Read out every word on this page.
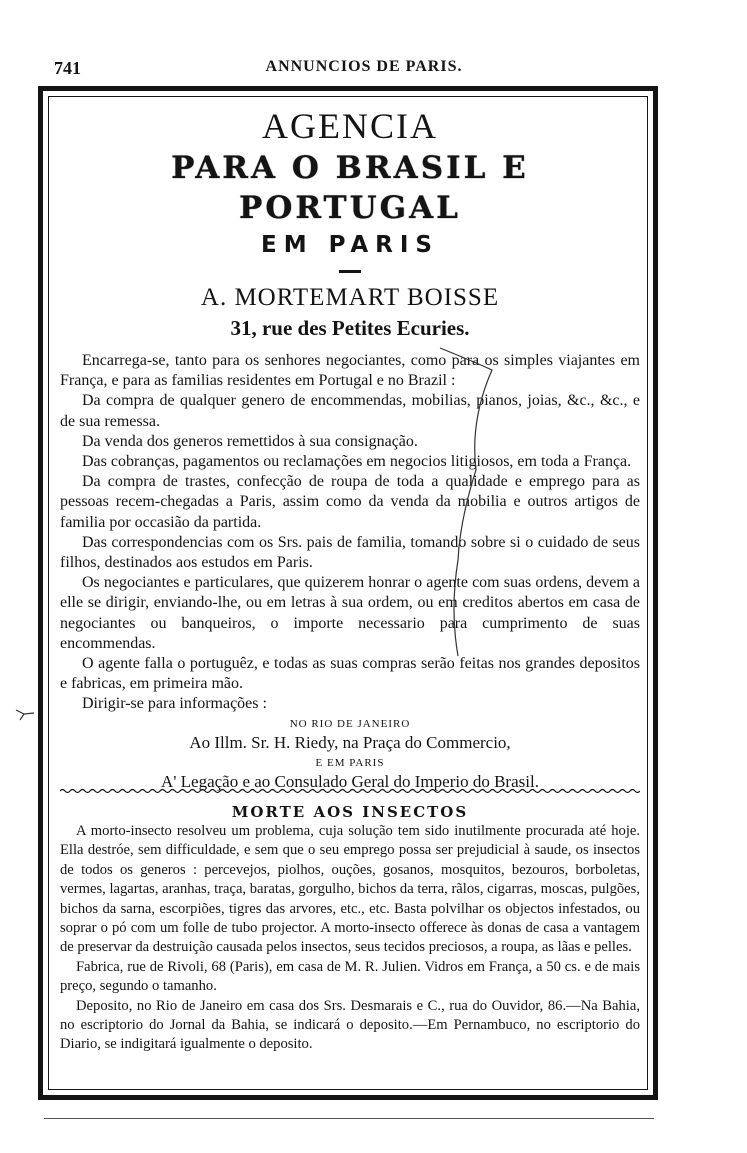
741	ANNUNCIOS DE PARIS.
AGENCIA
PARA O BRASIL E PORTUGAL
EM PARIS
A. MORTEMART BOISSE
31, rue des Petites Ecuries.

Encarrega-se, tanto para os senhores negociantes, como para os simples viajantes em França, e para as familias residentes em Portugal e no Brazil :

Da compra de qualquer genero de encommendas, mobilias, pianos, joias, &c., &c., e de sua remessa.

Da venda dos generos remettidos à sua consignação.

Das cobranças, pagamentos ou reclamações em negocios litigiosos, em toda a França.

Da compra de trastes, confecção de roupa de toda a qualidade e emprego para as pessoas recem-chegadas a Paris, assim como da venda da mobilia e outros artigos de familia por occasião da partida.

Das correspondencias com os Srs. pais de familia, tomando sobre si o cuidado de seus filhos, destinados aos estudos em Paris.

Os negociantes e particulares, que quizerem honrar o agente com suas ordens, devem a elle se dirigir, enviando-lhe, ou em letras à sua ordem, ou em creditos abertos em casa de negociantes ou banqueiros, o importe necessario para cumprimento de suas encommendas.

O agente falla o portuguêz, e todas as suas compras serão feitas nos grandes depositos e fabricas, em primeira mão.

Dirigir-se para informações :

NO RIO DE JANEIRO
Ao Illm. Sr. H. Riedy, na Praça do Commercio,
E EM PARIS
A' Legação e ao Consulado Geral do Imperio do Brasil.
MORTE AOS INSECTOS

A morto-insecto resolveu um problema, cuja solução tem sido inutilmente procurada até hoje. Ella destróe, sem difficuldade, e sem que o seu emprego possa ser prejudicial à saude, os insectos de todos os generos : percevejos, piolhos, ouções, gosanos, mosquitos, bezouros, borboletas, vermes, lagartas, aranhas, traça, baratas, gorgulho, bichos da terra, rãlos, cigarras, moscas, pulgões, bichos da sarna, escorpiões, tigres das arvores, etc., etc. Basta polvilhar os objectos infestados, ou soprar o pó com um folle de tubo projector. A morto-insecto offerece às donas de casa a vantagem de preservar da destruição causada pelos insectos, seus tecidos preciosos, a roupa, as lãas e pelles.

Fabrica, rue de Rivoli, 68 (Paris), em casa de M. R. Julien. Vidros em França, a 50 cs. e de mais preço, segundo o tamanho.

Deposito, no Rio de Janeiro em casa dos Srs. Desmarais e C., rua do Ouvidor, 86.—Na Bahia, no escriptorio do Jornal da Bahia, se indicará o deposito.—Em Pernambuco, no escriptorio do Diario, se indigitará igualmente o deposito.
